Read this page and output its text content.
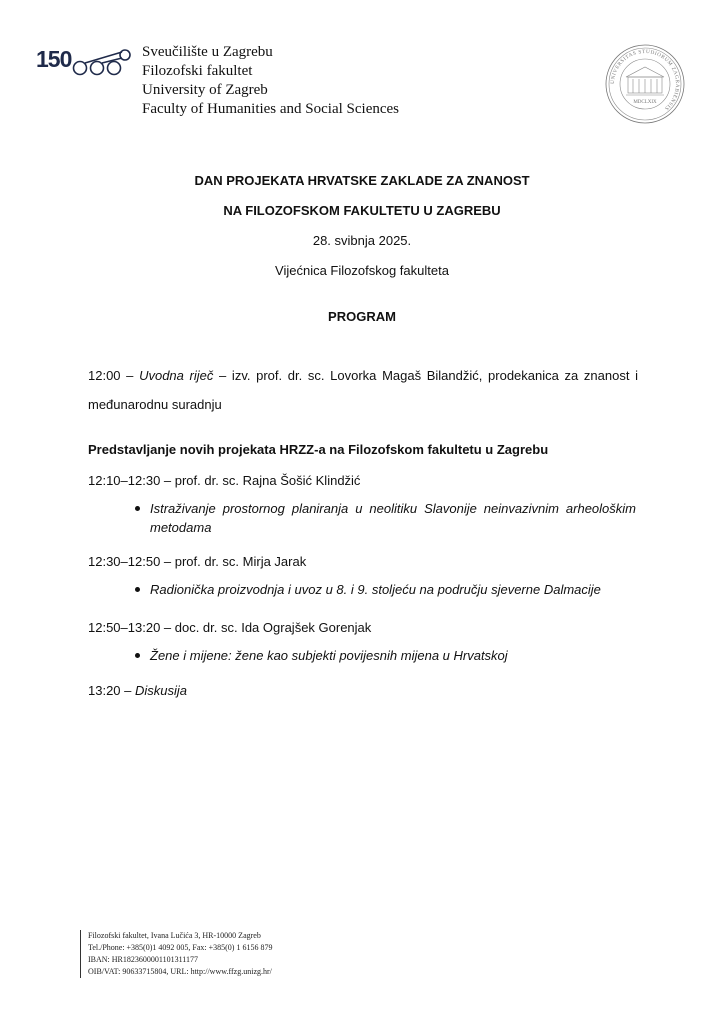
150	Sveučilište u Zagrebu
Filozofski fakultet
University of Zagreb
Faculty of Humanities and Social Sciences
UNIVERSITAS STUDIORUM ZAGRABIENSIS
MDCLXIX
DAN PROJEKATA HRVATSKE ZAKLADE ZA ZNANOST
NA FILOZOFSKOM FAKULTETU U ZAGREBU
28. svibnja 2025.
Vijećnica Filozofskog fakulteta
PROGRAM
12:00 – Uvodna riječ – izv. prof. dr. sc. Lovorka Magaš Bilandžić, prodekanica za znanost i međunarodnu suradnju
Predstavljanje novih projekata HRZZ-a na Filozofskom fakultetu u Zagrebu
12:10–12:30 – prof. dr. sc. Rajna Šošić Klindžić
Istraživanje prostornog planiranja u neolitiku Slavonije neinvazivnim arheološkim metodama
12:30–12:50 – prof. dr. sc. Mirja Jarak
Radionička proizvodnja i uvoz u 8. i 9. stoljeću na području sjeverne Dalmacije
12:50–13:20 – doc. dr. sc. Ida Ograjšek Gorenjak
Žene i mijene: žene kao subjekti povijesnih mijena u Hrvatskoj
13:20 – Diskusija
Filozofski fakultet, Ivana Lučića 3, HR-10000 Zagreb
Tel./Phone: +385(0)1 4092 005, Fax: +385(0) 1 6156 879
IBAN: HR1823600001101311177
OIB/VAT: 90633715804, URL: http://www.ffzg.unizg.hr/
